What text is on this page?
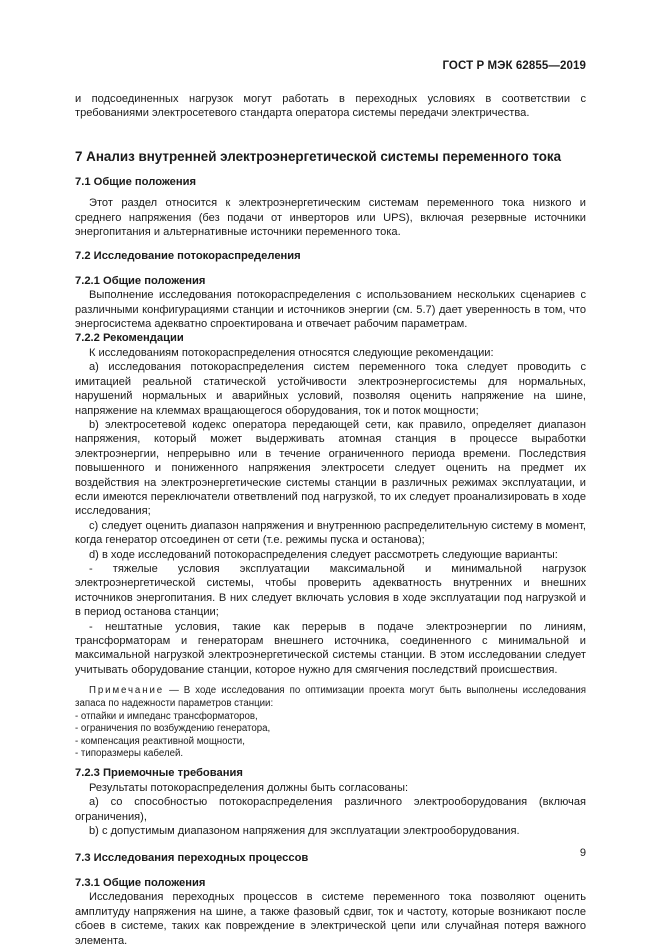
ГОСТ Р МЭК 62855—2019

и подсоединенных нагрузок могут работать в переходных условиях в соответствии с требованиями электросетевого стандарта оператора системы передачи электричества.

7 Анализ внутренней электроэнергетической системы переменного тока
7.1 Общие положения

Этот раздел относится к электроэнергетическим системам переменного тока низкого и среднего напряжения (без подачи от инверторов или UPS), включая резервные источники энергопитания и альтернативные источники переменного тока.

7.2 Исследование потокораспределения
7.2.1 Общие положения

Выполнение исследования потокораспределения с использованием нескольких сценариев с различными конфигурациями станции и источников энергии (см. 5.7) дает уверенность в том, что энергосистема адекватно спроектирована и отвечает рабочим параметрам.

7.2.2 Рекомендации

К исследованиям потокораспределения относятся следующие рекомендации:

a) исследования потокораспределения систем переменного тока следует проводить с имитацией реальной статической устойчивости электроэнергосистемы для нормальных, нарушений нормальных и аварийных условий, позволяя оценить напряжение на шине, напряжение на клеммах вращающегося оборудования, ток и поток мощности;

b) электросетевой кодекс оператора передающей сети, как правило, определяет диапазон напряжения, который может выдерживать атомная станция в процессе выработки электроэнергии, непрерывно или в течение ограниченного периода времени. Последствия повышенного и пониженного напряжения электросети следует оценить на предмет их воздействия на электроэнергетические системы станции в различных режимах эксплуатации, и если имеются переключатели ответвлений под нагрузкой, то их следует проанализировать в ходе исследования;

c) следует оценить диапазон напряжения и внутреннюю распределительную систему в момент, когда генератор отсоединен от сети (т.е. режимы пуска и останова);

d) в ходе исследований потокораспределения следует рассмотреть следующие варианты:

- тяжелые условия эксплуатации максимальной и минимальной нагрузок электроэнергетической системы, чтобы проверить адекватность внутренних и внешних источников энергопитания. В них следует включать условия в ходе эксплуатации под нагрузкой и в период останова станции;

- нештатные условия, такие как перерыв в подаче электроэнергии по линиям, трансформаторам и генераторам внешнего источника, соединенного с минимальной и максимальной нагрузкой электроэнергетической системы станции. В этом исследовании следует учитывать оборудование станции, которое нужно для смягчения последствий происшествия.

Примечание — В ходе исследования по оптимизации проекта могут быть выполнены исследования запаса по надежности параметров станции:
- отпайки и импеданс трансформаторов,
- ограничения по возбуждению генератора,
- компенсация реактивной мощности,
- типоразмеры кабелей.
7.2.3 Приемочные требования

Результаты потокораспределения должны быть согласованы:

a) со способностью потокораспределения различного электрооборудования (включая ограничения),

b) с допустимым диапазоном напряжения для эксплуатации электрооборудования.

7.3 Исследования переходных процессов
7.3.1 Общие положения

Исследования переходных процессов в системе переменного тока позволяют оценить амплитуду напряжения на шине, а также фазовый сдвиг, ток и частоту, которые возникают после сбоев в системе, таких как повреждение в электрической цепи или случайная потеря важного элемента.

9
